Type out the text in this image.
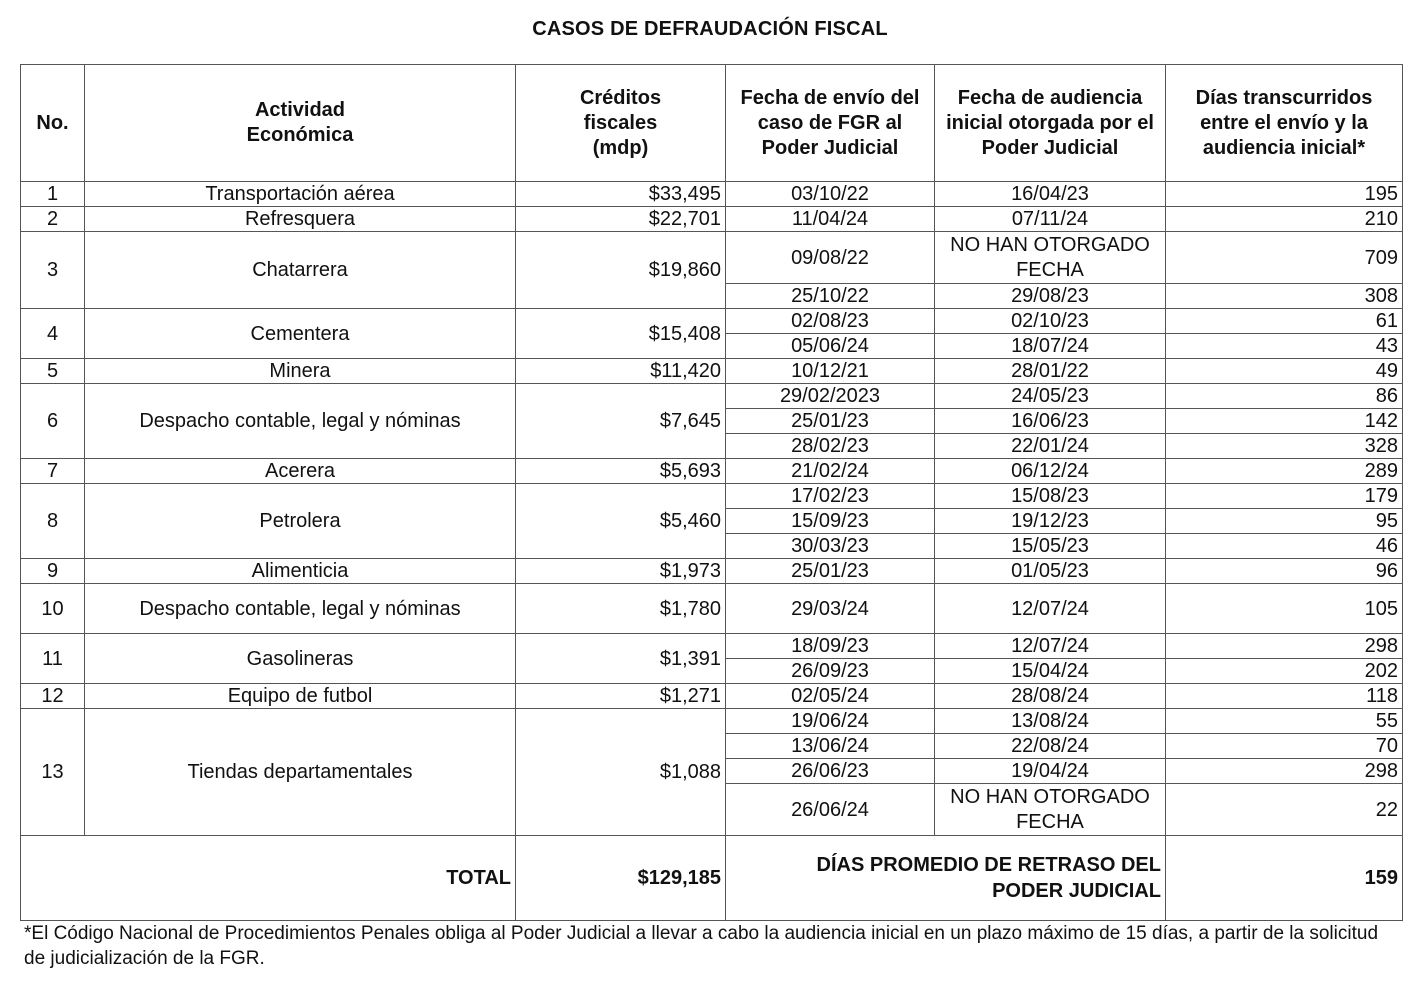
CASOS DE DEFRAUDACIÓN FISCAL
No.	Actividad Económica	Créditos fiscales (mdp)	Fecha de envío del caso de FGR al Poder Judicial	Fecha de audiencia inicial otorgada por el Poder Judicial	Días transcurridos entre el envío y la audiencia inicial*
1	Transportación aérea	$33,495	03/10/22	16/04/23	195
2	Refresquera	$22,701	11/04/24	07/11/24	210
3	Chatarrera	$19,860	09/08/22	NO HAN OTORGADO FECHA	709
			25/10/22	29/08/23	308
4	Cementera	$15,408	02/08/23	02/10/23	61
			05/06/24	18/07/24	43
5	Minera	$11,420	10/12/21	28/01/22	49
6	Despacho contable, legal y nóminas	$7,645	29/02/2023	24/05/23	86
			25/01/23	16/06/23	142
			28/02/23	22/01/24	328
7	Acerera	$5,693	21/02/24	06/12/24	289
8	Petrolera	$5,460	17/02/23	15/08/23	179
			15/09/23	19/12/23	95
			30/03/23	15/05/23	46
9	Alimenticia	$1,973	25/01/23	01/05/23	96
10	Despacho contable, legal y nóminas	$1,780	29/03/24	12/07/24	105
11	Gasolineras	$1,391	18/09/23	12/07/24	298
			26/09/23	15/04/24	202
12	Equipo de futbol	$1,271	02/05/24	28/08/24	118
13	Tiendas departamentales	$1,088	19/06/24	13/08/24	55
			13/06/24	22/08/24	70
			26/06/23	19/04/24	298
			26/06/24	NO HAN OTORGADO FECHA	22
TOTAL		$129,185	DÍAS PROMEDIO DE RETRASO DEL PODER JUDICIAL		159
*El Código Nacional de Procedimientos Penales obliga al Poder Judicial a llevar a cabo la audiencia inicial en un plazo máximo de 15 días, a partir de la solicitud de judicialización de la FGR.
